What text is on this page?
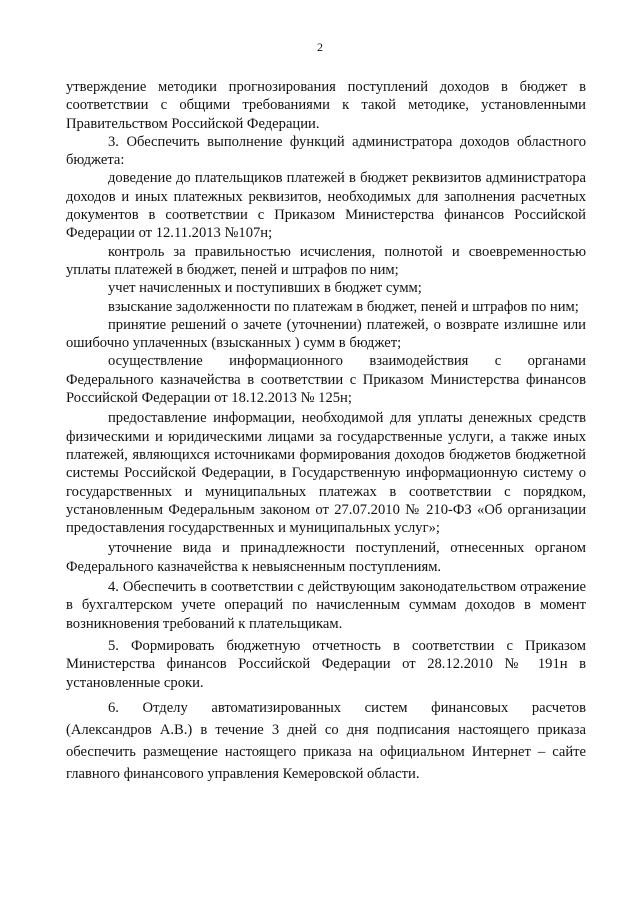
2

утверждение методики прогнозирования поступлений доходов в бюджет в соответствии с общими требованиями к такой методике, установленными Правительством Российской Федерации.

3. Обеспечить выполнение функций администратора доходов областного бюджета:

доведение до плательщиков платежей в бюджет реквизитов администратора доходов и иных платежных реквизитов, необходимых для заполнения расчетных документов в соответствии с Приказом Министерства финансов Российской Федерации от 12.11.2013 №107н;

контроль за правильностью исчисления, полнотой и своевременностью уплаты платежей в бюджет, пеней и штрафов по ним;

учет начисленных и поступивших в бюджет сумм;

взыскание задолженности по платежам в бюджет, пеней и штрафов по ним;

принятие решений о зачете (уточнении) платежей, о возврате излишне или ошибочно уплаченных (взысканных ) сумм в бюджет;

осуществление информационного взаимодействия с органами Федерального казначейства в соответствии с Приказом Министерства финансов Российской Федерации от 18.12.2013 № 125н;

предоставление информации, необходимой для уплаты денежных средств физическими и юридическими лицами за государственные услуги, а также иных платежей, являющихся источниками формирования доходов бюджетов бюджетной системы Российской Федерации, в Государственную информационную систему о государственных и муниципальных платежах в соответствии с порядком, установленным Федеральным законом от 27.07.2010 № 210-ФЗ «Об организации предоставления государственных и муниципальных услуг»;

уточнение вида и принадлежности поступлений, отнесенных органом Федерального казначейства к невыясненным поступлениям.

4. Обеспечить в соответствии с действующим законодательством отражение в бухгалтерском учете операций по начисленным суммам доходов в момент возникновения требований к плательщикам.

5. Формировать бюджетную отчетность в соответствии с Приказом Министерства финансов Российской Федерации от 28.12.2010 № 191н в установленные сроки.

6. Отделу автоматизированных систем финансовых расчетов

(Александров А.В.) в течение 3 дней со дня подписания настоящего приказа обеспечить размещение настоящего приказа на официальном Интернет – сайте главного финансового управления Кемеровской области.
